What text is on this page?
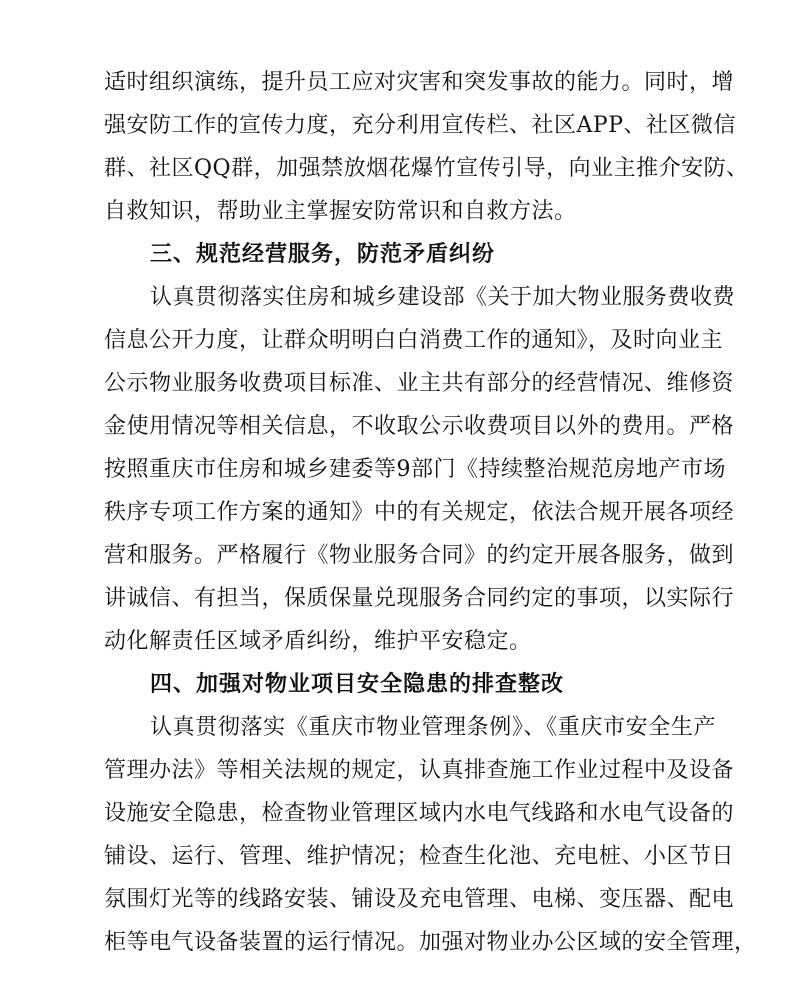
适时组织演练，提升员工应对灾害和突发事故的能力。同时，增
强安防工作的宣传力度，充分利用宣传栏、社区APP、社区微信
群、社区QQ群，加强禁放烟花爆竹宣传引导，向业主推介安防、
自救知识，帮助业主掌握安防常识和自救方法。
三、规范经营服务，防范矛盾纠纷
认真贯彻落实住房和城乡建设部《关于加大物业服务费收费
信息公开力度，让群众明明白白消费工作的通知》，及时向业主
公示物业服务收费项目标准、业主共有部分的经营情况、维修资
金使用情况等相关信息，不收取公示收费项目以外的费用。严格
按照重庆市住房和城乡建委等9部门《持续整治规范房地产市场
秩序专项工作方案的通知》中的有关规定，依法合规开展各项经
营和服务。严格履行《物业服务合同》的约定开展各服务，做到
讲诚信、有担当，保质保量兑现服务合同约定的事项，以实际行
动化解责任区域矛盾纠纷，维护平安稳定。
四、加强对物业项目安全隐患的排查整改
认真贯彻落实《重庆市物业管理条例》、《重庆市安全生产
管理办法》等相关法规的规定，认真排查施工作业过程中及设备
设施安全隐患，检查物业管理区域内水电气线路和水电气设备的
铺设、运行、管理、维护情况；检查生化池、充电桩、小区节日
氛围灯光等的线路安装、铺设及充电管理、电梯、变压器、配电
柜等电气设备装置的运行情况。加强对物业办公区域的安全管理，
